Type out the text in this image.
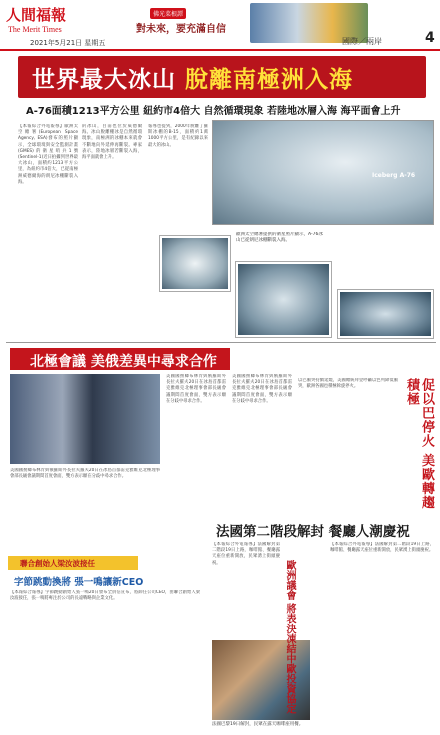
人間福報
The Merit Times
2021年5月21日 星期五
佛光菜根譚
對未來，要充滿自信
國際／兩岸	4
世界最大冰山 脫離南極洲入海
A-76面積1213平方公里 紐約市4倍大 自然循環現象 若陸地冰層入海 海平面會上升
【本報綜合外電報導】歐洲太空總署(European Space Agency, ESA)發布的照片顯示，全球環境與安全監測計畫(GMES)的衛星哨兵1號(Sentinel-1)近日拍攝到世界最大冰山，面積約1213平方公里，為紐約市4倍大，已從南極洲威德爾海的朗尼冰棚斷裂入海。
的冰山，目前也位於威德爾海。冰山脫離棚冰是自然循環現象，南極洲的冰棚本來就會不斷地向外延伸再斷裂。專家表示，陸地冰層若斷裂入海，海平面就會上升。
報導也提到，2000年脫離了羅斯冰棚的B-15，面積約1萬1000平方公里，是有紀錄以來最大的冰山。
Iceberg A-76
歐洲太空總署提供的衛星照片顯示，A-76冰山已從朗尼冰棚斷裂入海。
北極會議 美俄差異中尋求合作
美國國務卿布林肯與俄羅斯外長拉夫羅夫20日在冰島首都雷克雅維克北極理事會部長級會議期間首度會面，雙方表示願在分歧中尋求合作。
美國國務卿布林肯與俄羅斯外長拉夫羅夫20日在冰島首都雷克雅維克北極理事會部長級會議期間首度會面，雙方表示願在分歧中尋求合作。
美國國務卿布林肯與俄羅斯外長拉夫羅夫20日在冰島首都雷克雅維克北極理事會部長級會議期間首度會面，雙方表示願在分歧中尋求合作。
聯合創始人梁汝波接任
字節跳動換將 張一鳴讓新CEO
【本報綜合報導】字節跳動創始人張一鳴20日發布全員信宣布，將卸任公司CEO，由聯合創始人梁汝波接任，張一鳴將專注於公司的長遠戰略與企業文化。
促以巴停火 美歐轉趨積極
以巴衝突持續延燒，美國總統拜登呼籲以色列降低衝突，歐洲各國也積極斡旋停火。
法國第二階段解封 餐廳人潮慶祝
【本報綜合外電報導】法國解封第二階段19日上路，咖啡館、餐廳露天座位重新開放，民眾湧上街頭慶祝。
【本報綜合外電報導】法國解封第二階段19日上路，咖啡館、餐廳露天座位重新開放，民眾湧上街頭慶祝。
法國巴黎19日解封，民眾在露天咖啡座用餐。
歐洲議會 將表決凍結中歐投資協定
